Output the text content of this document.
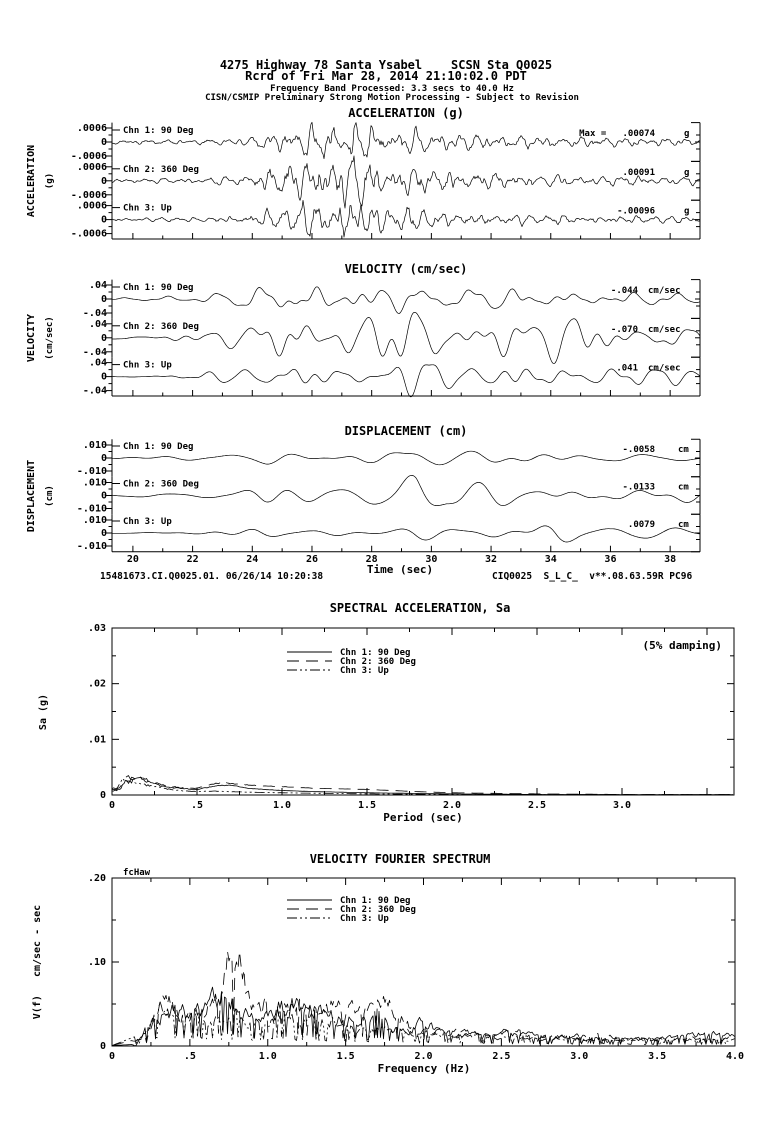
4275 Highway 78 Santa Ysabel    SCSN Sta Q0025
Rcrd of Fri Mar 28, 2014 21:10:02.0 PDT
Frequency Band Processed: 3.3 secs to 40.0 Hz
CISN/CSMIP Preliminary Strong Motion Processing - Subject to Revision
ACCELERATION (g)
ACCELERATION (g)
VELOCITY (cm/sec)
VELOCITY (cm/sec)
DISPLACEMENT (cm)
DISPLACEMENT (cm)
Time (sec)
15481673.CI.Q0025.01. 06/26/14 10:20:38	CIQ0025  S_L_C_  v**.08.63.59R PC96
SPECTRAL ACCELERATION, Sa
(5% damping)
Sa (g)
Period (sec)
VELOCITY FOURIER SPECTRUM
fcHaw
V(f)   cm/sec - sec
Frequency (Hz)
Chn 1: 90 Deg
.0006
0
-.0006
Max =   .00074	g
Chn 2: 360 Deg
.0006
0
-.0006
.00091	g
Chn 3: Up
.0006
0
-.0006
-.00096	g
Chn 1: 90 Deg
.04
0
-.04
-.044 cm/sec
Chn 2: 360 Deg
.04
0
-.04
-.070 cm/sec
Chn 3: Up
.04
0
-.04
.041 cm/sec
Chn 1: 90 Deg
.010
0
-.010
-.0058	cm
Chn 2: 360 Deg
.010
0
-.010
-.0133	cm
Chn 3: Up
.010
0
-.010
.0079	cm
20	22	24	26	28	30	32	34	36	38
0	.5	1.0	1.5	2.0	2.5	3.0
.03
.02
.01
0
Chn 1: 90 Deg
Chn 2: 360 Deg
Chn 3: Up
0	.5	1.0	1.5	2.0	2.5	3.0	3.5	4.0
.20
.10
0
Chn 1: 90 Deg
Chn 2: 360 Deg
Chn 3: Up
